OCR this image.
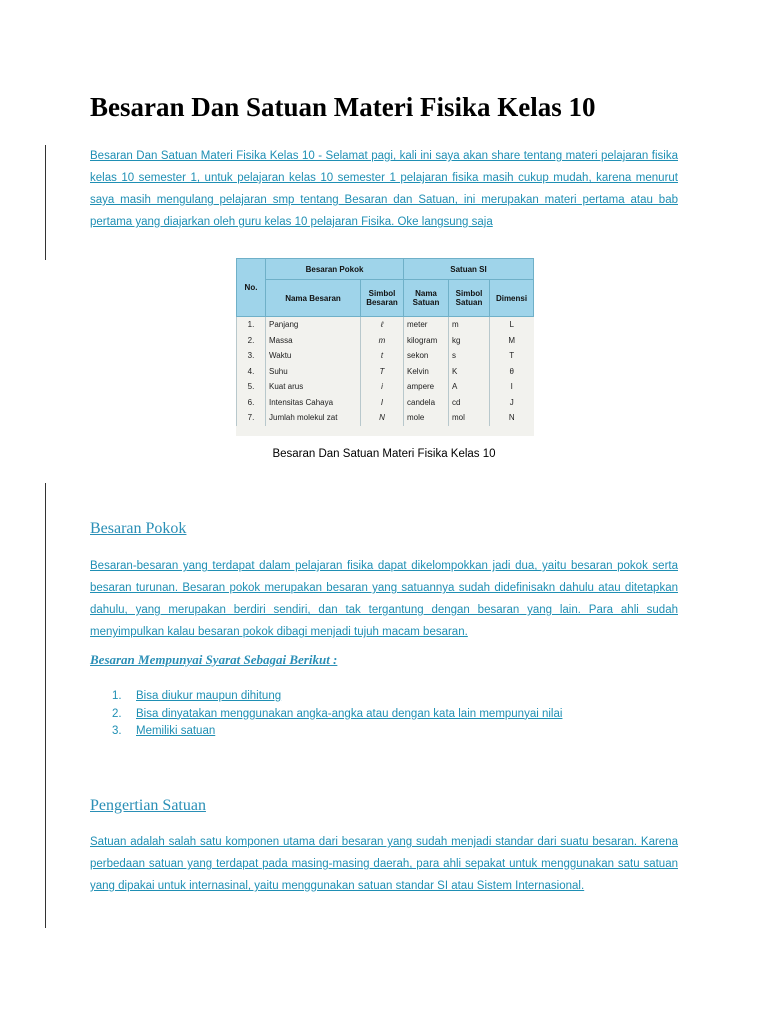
Besaran Dan Satuan Materi Fisika Kelas 10

Besaran Dan Satuan Materi Fisika Kelas 10 - Selamat pagi, kali ini saya akan share tentang materi pelajaran fisika kelas 10 semester 1, untuk pelajaran kelas 10 semester 1 pelajaran fisika masih cukup mudah, karena menurut saya masih mengulang pelajaran smp tentang Besaran dan Satuan, ini merupakan materi pertama atau bab pertama yang diajarkan oleh guru kelas 10 pelajaran Fisika. Oke langsung saja

No.	Besaran Pokok		Satuan SI		
	Nama Besaran	Simbol Besaran	Nama Satuan	Simbol Satuan	Dimensi
1.	Panjang	ℓ	meter	m	L
2.	Massa	m	kilogram	kg	M
3.	Waktu	t	sekon	s	T
4.	Suhu	T	Kelvin	K	θ
5.	Kuat arus	i	ampere	A	I
6.	Intensitas Cahaya	I	candela	cd	J
7.	Jumlah molekul zat	N	mole	mol	N

Besaran Dan Satuan Materi Fisika Kelas 10

Besaran Pokok

Besaran-besaran yang terdapat dalam pelajaran fisika dapat dikelompokkan jadi dua, yaitu besaran pokok serta besaran turunan. Besaran pokok merupakan besaran yang satuannya sudah didefinisakn dahulu atau ditetapkan dahulu, yang merupakan berdiri sendiri, dan tak tergantung dengan besaran yang lain. Para ahli sudah menyimpulkan kalau besaran pokok dibagi menjadi tujuh macam besaran.

Besaran Mempunyai Syarat Sebagai Berikut :

1. Bisa diukur maupun dihitung
2. Bisa dinyatakan menggunakan angka-angka atau dengan kata lain mempunyai nilai
3. Memiliki satuan
Pengertian Satuan

Satuan adalah salah satu komponen utama dari besaran yang sudah menjadi standar dari suatu besaran. Karena perbedaan satuan yang terdapat pada masing-masing daerah, para ahli sepakat untuk menggunakan satu satuan yang dipakai untuk internasinal, yaitu menggunakan satuan standar SI atau Sistem Internasional.
